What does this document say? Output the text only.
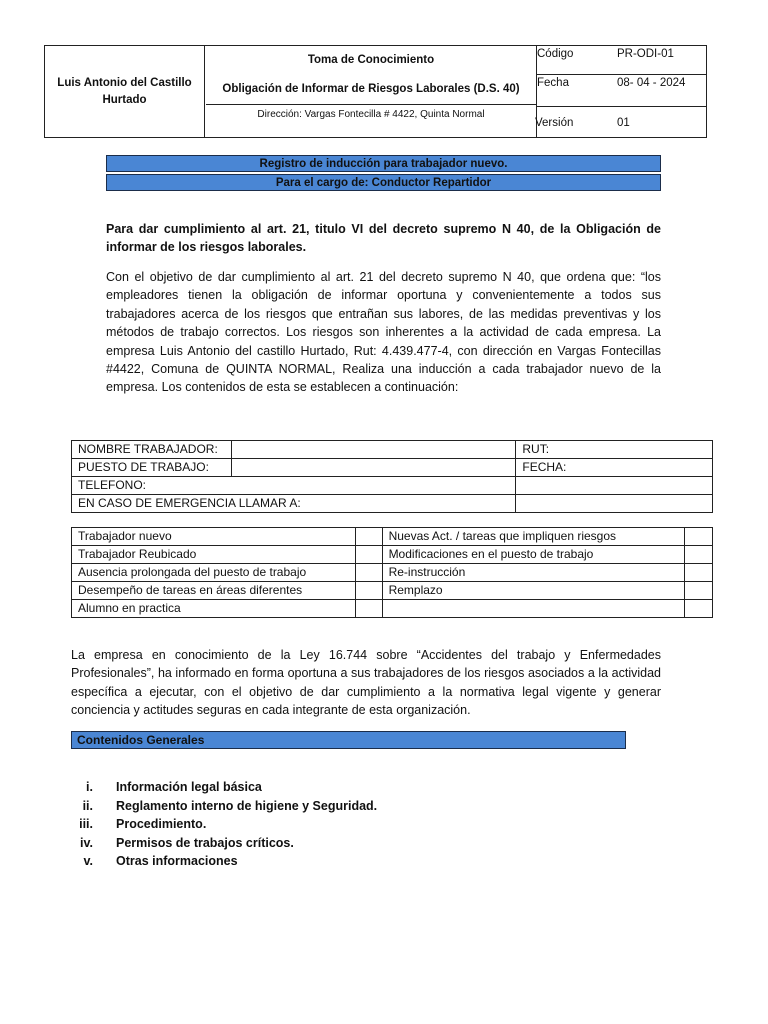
Luis Antonio del Castillo Hurtado
Toma de Conocimiento
Obligación de Informar de Riesgos Laborales (D.S. 40)
Dirección: Vargas Fontecilla # 4422, Quinta Normal
Código	PR-ODI-01
Fecha	08- 04 - 2024
Versión	01
Registro de inducción para trabajador nuevo.
Para el cargo de: Conductor Repartidor
Para dar cumplimiento al art. 21, titulo VI del decreto supremo N 40, de la Obligación de informar de los riesgos laborales.
Con el objetivo de dar cumplimiento al art. 21 del decreto supremo N 40, que ordena que: “los empleadores tienen la obligación de informar oportuna y convenientemente a todos sus trabajadores acerca de los riesgos que entrañan sus labores, de las medidas preventivas y los métodos de trabajo correctos. Los riesgos son inherentes a la actividad de cada empresa. La empresa Luis Antonio del castillo Hurtado, Rut: 4.439.477-4, con dirección en Vargas Fontecillas #4422, Comuna de QUINTA NORMAL, Realiza una inducción a cada trabajador nuevo de la empresa. Los contenidos de esta se establecen a continuación:
NOMBRE TRABAJADOR:		RUT:
PUESTO DE TRABAJO:		FECHA:
TELEFONO:		
EN CASO DE EMERGENCIA LLAMAR A:		
Trabajador nuevo		Nuevas Act. / tareas que impliquen riesgos	
Trabajador Reubicado		Modificaciones en el puesto de trabajo	
Ausencia prolongada del puesto de trabajo		Re-instrucción	
Desempeño de tareas en áreas diferentes		Remplazo	
Alumno en practica			
La empresa en conocimiento de la Ley 16.744 sobre “Accidentes del trabajo y Enfermedades Profesionales”, ha informado en forma oportuna a sus trabajadores de los riesgos asociados a la actividad específica a ejecutar, con el objetivo de dar cumplimiento a la normativa legal vigente y generar conciencia y actitudes seguras en cada integrante de esta organización.
Contenidos Generales
i. Información legal básica
ii. Reglamento interno de higiene y Seguridad.
iii. Procedimiento.
iv. Permisos de trabajos críticos.
v. Otras informaciones
